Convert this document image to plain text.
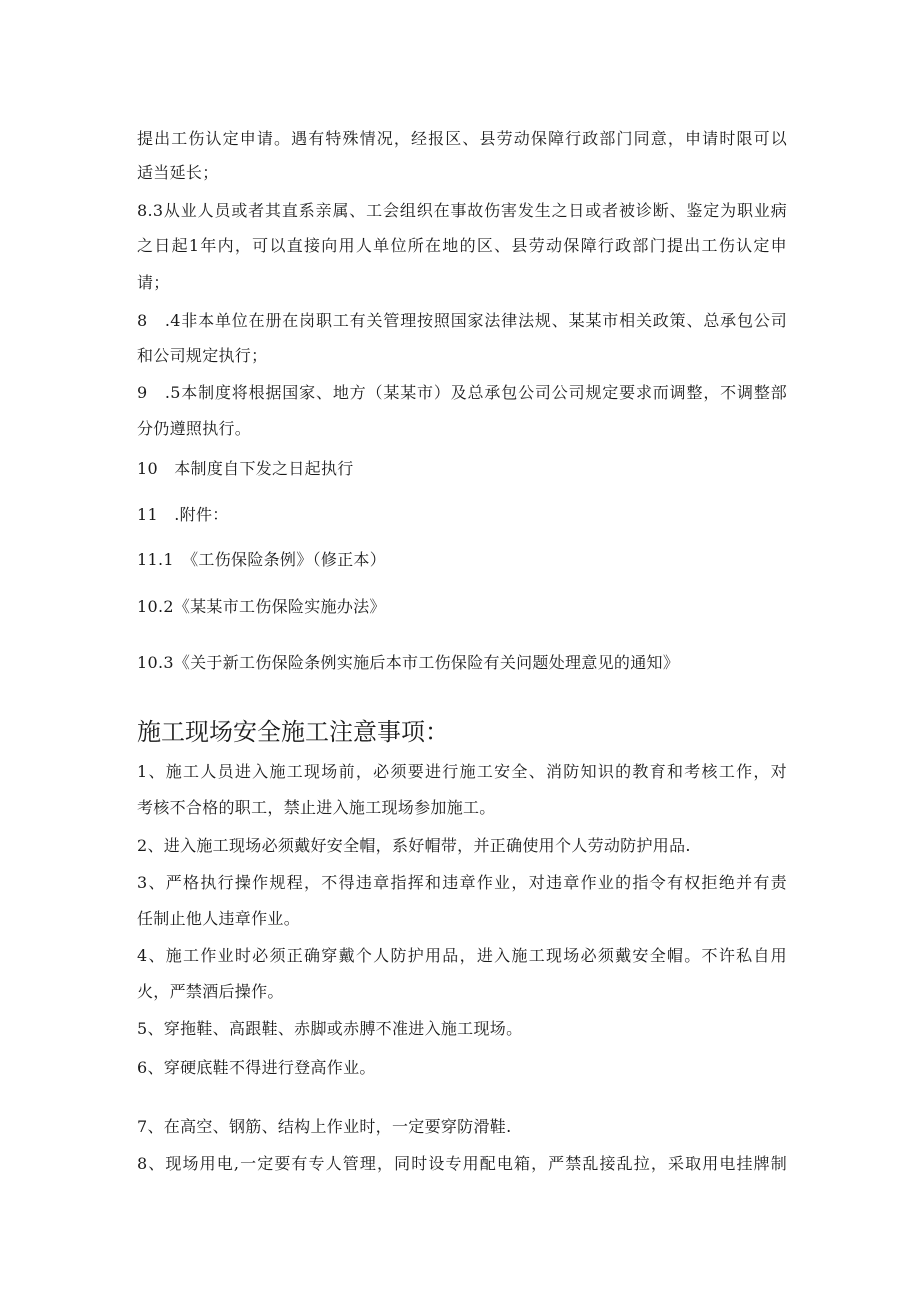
提出工伤认定申请。遇有特殊情况，经报区、县劳动保障行政部门同意，申请时限可以
适当延长；
8.3从业人员或者其直系亲属、工会组织在事故伤害发生之日或者被诊断、鉴定为职业病
之日起1年内，可以直接向用人单位所在地的区、县劳动保障行政部门提出工伤认定申
请；
8　.4非本单位在册在岗职工有关管理按照国家法律法规、某某市相关政策、总承包公司
和公司规定执行；
9　.5本制度将根据国家、地方（某某市）及总承包公司公司规定要求而调整，不调整部
分仍遵照执行。
10　本制度自下发之日起执行
11　.附件：
11.1　《工伤保险条例》（修正本）
10.2《某某市工伤保险实施办法》
10.3《关于新工伤保险条例实施后本市工伤保险有关问题处理意见的通知》
施工现场安全施工注意事项：
1、施工人员进入施工现场前，必须要进行施工安全、消防知识的教育和考核工作，对
考核不合格的职工，禁止进入施工现场参加施工。
2、进入施工现场必须戴好安全帽，系好帽带，并正确使用个人劳动防护用品.
3、严格执行操作规程，不得违章指挥和违章作业，对违章作业的指令有权拒绝并有责
任制止他人违章作业。
4、施工作业时必须正确穿戴个人防护用品，进入施工现场必须戴安全帽。不许私自用
火，严禁酒后操作。
5、穿拖鞋、高跟鞋、赤脚或赤膊不准进入施工现场。
6、穿硬底鞋不得进行登高作业。
7、在高空、钢筋、结构上作业时，一定要穿防滑鞋.
8、现场用电,一定要有专人管理，同时设专用配电箱，严禁乱接乱拉，采取用电挂牌制
